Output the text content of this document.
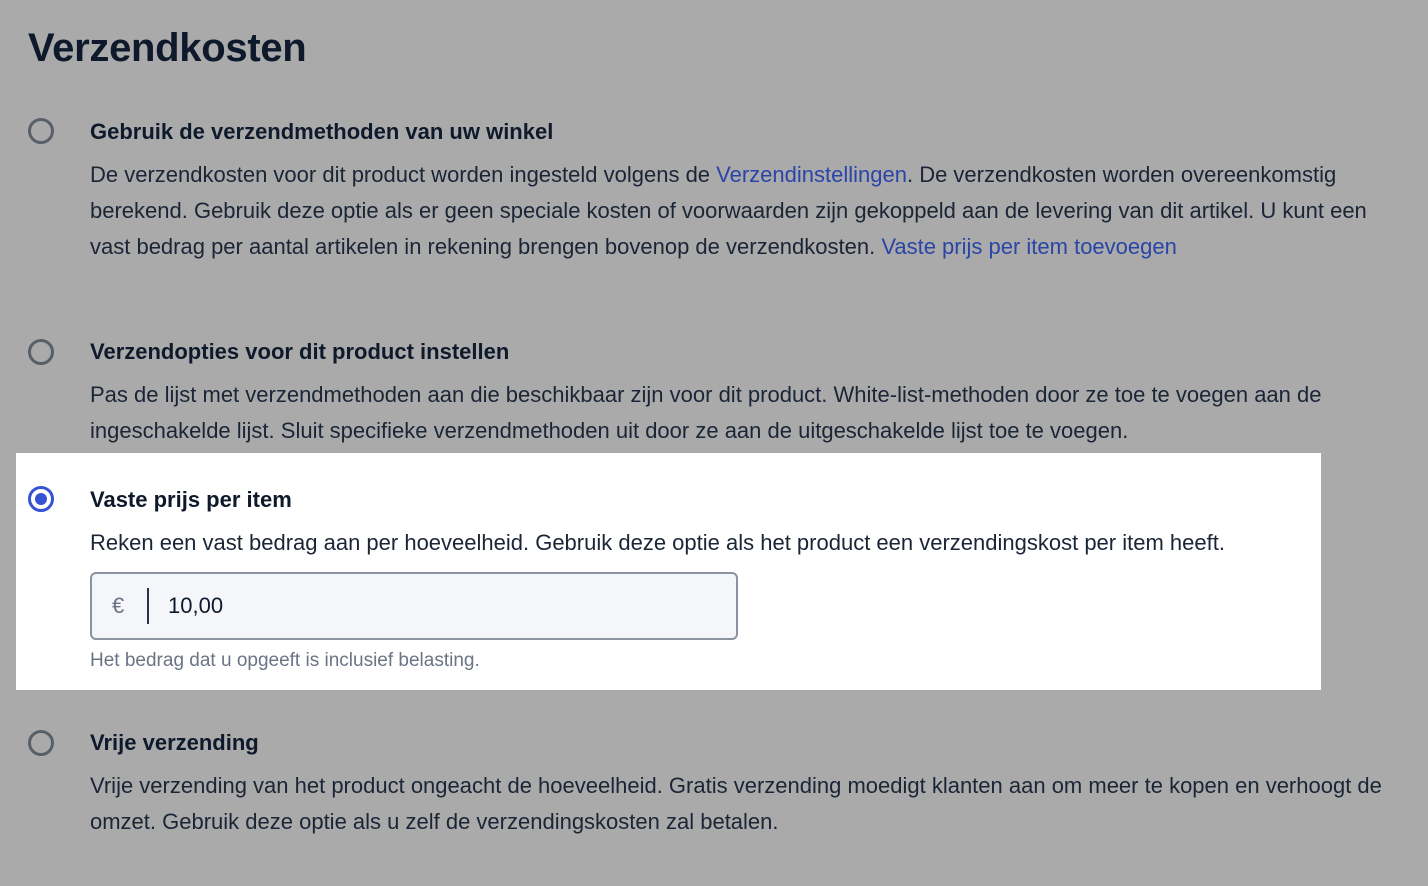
Verzendkosten

Gebruik de verzendmethoden van uw winkel

De verzendkosten voor dit product worden ingesteld volgens de Verzendinstellingen. De verzendkosten worden overeenkomstig berekend. Gebruik deze optie als er geen speciale kosten of voorwaarden zijn gekoppeld aan de levering van dit artikel. U kunt een vast bedrag per aantal artikelen in rekening brengen bovenop de verzendkosten. Vaste prijs per item toevoegen

Verzendopties voor dit product instellen

Pas de lijst met verzendmethoden aan die beschikbaar zijn voor dit product. White-list-methoden door ze toe te voegen aan de ingeschakelde lijst. Sluit specifieke verzendmethoden uit door ze aan de uitgeschakelde lijst toe te voegen.

Vaste prijs per item

Reken een vast bedrag aan per hoeveelheid. Gebruik deze optie als het product een verzendingskost per item heeft.

€
10,00

Het bedrag dat u opgeeft is inclusief belasting.

Vrije verzending

Vrije verzending van het product ongeacht de hoeveelheid. Gratis verzending moedigt klanten aan om meer te kopen en verhoogt de omzet. Gebruik deze optie als u zelf de verzendingskosten zal betalen.
